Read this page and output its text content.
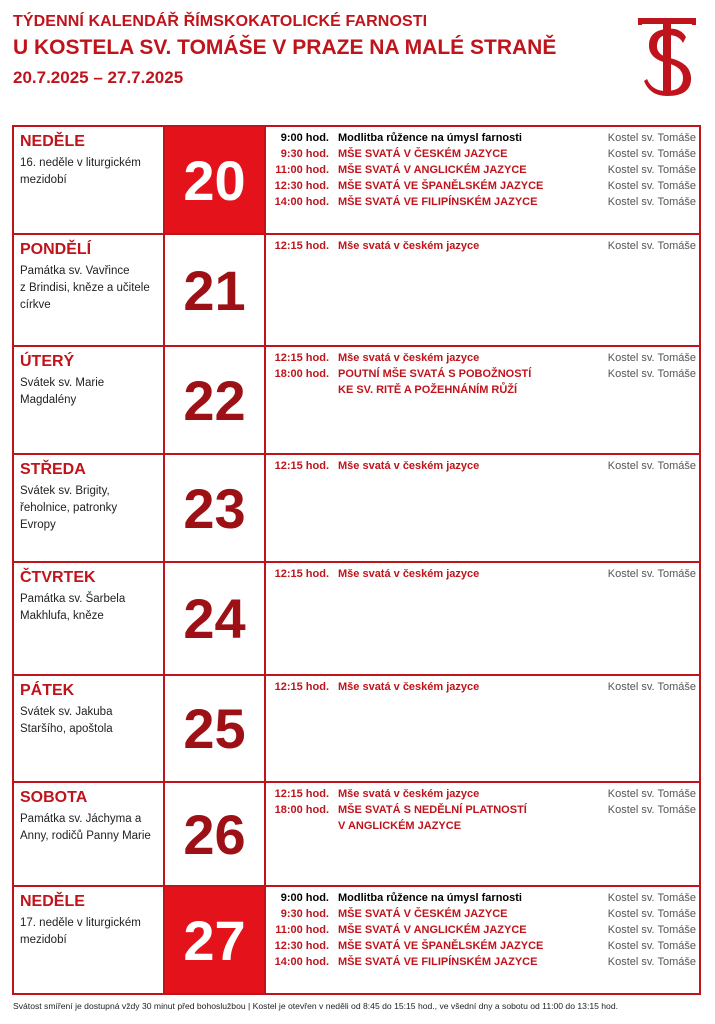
TÝDENNÍ KALENDÁŘ ŘÍMSKOKATOLICKÉ FARNOSTI
U KOSTELA SV. TOMÁŠE V PRAZE NA MALÉ STRANĚ
20.7.2025 – 27.7.2025
NEDĚLE
16. neděle v liturgickém
mezidobí	20
9:00 hod. Modlitba růžence na úmysl farnosti	Kostel sv. Tomáše
9:30 hod. MŠE SVATÁ V ČESKÉM JAZYCE	Kostel sv. Tomáše
11:00 hod. MŠE SVATÁ V ANGLICKÉM JAZYCE	Kostel sv. Tomáše
12:30 hod. MŠE SVATÁ VE ŠPANĚLSKÉM JAZYCE	Kostel sv. Tomáše
14:00 hod. MŠE SVATÁ VE FILIPÍNSKÉM JAZYCE	Kostel sv. Tomáše
PONDĚLÍ
Památka sv. Vavřince
z Brindisi, kněze a učitele
církve	21
12:15 hod. Mše svatá v českém jazyce	Kostel sv. Tomáše
ÚTERÝ
Svátek sv. Marie
Magdalény	22
12:15 hod. Mše svatá v českém jazyce	Kostel sv. Tomáše
18:00 hod. POUTNÍ MŠE SVATÁ S POBOŽNOSTÍ	Kostel sv. Tomáše
KE SV. RITĚ A POŽEHNÁNÍM RŮŽÍ
STŘEDA
Svátek sv. Brigity,
řeholnice, patronky
Evropy	23
12:15 hod. Mše svatá v českém jazyce	Kostel sv. Tomáše
ČTVRTEK
Památka sv. Šarbela
Makhlufa, kněze	24
12:15 hod. Mše svatá v českém jazyce	Kostel sv. Tomáše
PÁTEK
Svátek sv. Jakuba
Staršího, apoštola	25
12:15 hod. Mše svatá v českém jazyce	Kostel sv. Tomáše
SOBOTA
Památka sv. Jáchyma a
Anny, rodičů Panny Marie 26
12:15 hod. Mše svatá v českém jazyce	Kostel sv. Tomáše
18:00 hod. MŠE SVATÁ S NEDĚLNÍ PLATNOSTÍ	Kostel sv. Tomáše
V ANGLICKÉM JAZYCE
NEDĚLE
17. neděle v liturgickém
mezidobí	27
9:00 hod. Modlitba růžence na úmysl farnosti	Kostel sv. Tomáše
9:30 hod. MŠE SVATÁ V ČESKÉM JAZYCE	Kostel sv. Tomáše
11:00 hod. MŠE SVATÁ V ANGLICKÉM JAZYCE	Kostel sv. Tomáše
12:30 hod. MŠE SVATÁ VE ŠPANĚLSKÉM JAZYCE	Kostel sv. Tomáše
14:00 hod. MŠE SVATÁ VE FILIPÍNSKÉM JAZYCE	Kostel sv. Tomáše
Svátost smíření je dostupná vždy 30 minut před bohoslužbou | Kostel je otevřen v neděli od 8:45 do 15:15 hod., ve všední dny a sobotu od 11:00 do 13:15 hod.
